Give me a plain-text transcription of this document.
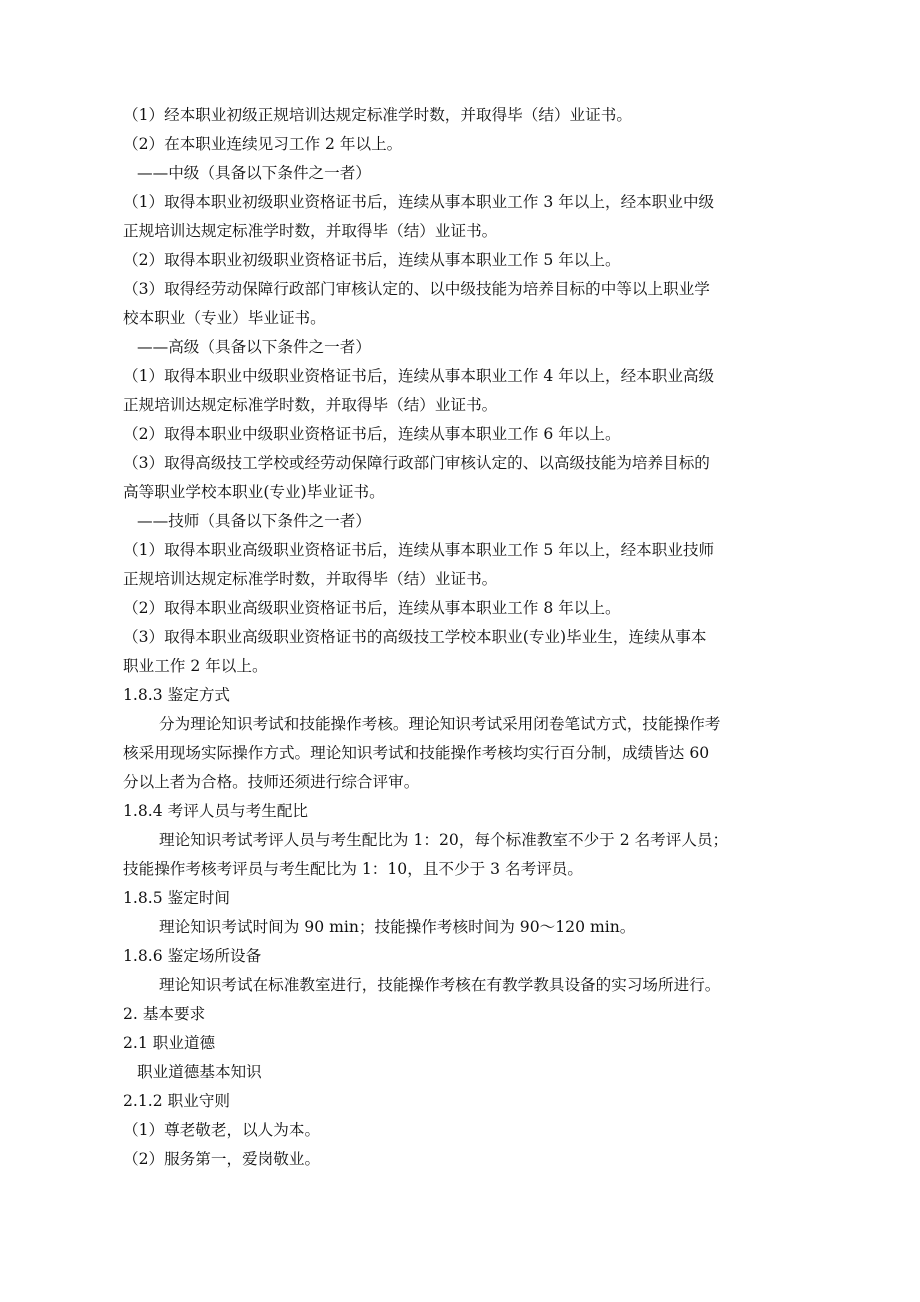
（1）经本职业初级正规培训达规定标准学时数，并取得毕（结）业证书。
（2）在本职业连续见习工作 2 年以上。
——中级（具备以下条件之一者）
（1）取得本职业初级职业资格证书后，连续从事本职业工作 3 年以上，经本职业中级
正规培训达规定标准学时数，并取得毕（结）业证书。
（2）取得本职业初级职业资格证书后，连续从事本职业工作 5 年以上。
（3）取得经劳动保障行政部门审核认定的、以中级技能为培养目标的中等以上职业学
校本职业（专业）毕业证书。
——高级（具备以下条件之一者）
（1）取得本职业中级职业资格证书后，连续从事本职业工作 4 年以上，经本职业高级
正规培训达规定标准学时数，并取得毕（结）业证书。
（2）取得本职业中级职业资格证书后，连续从事本职业工作 6 年以上。
（3）取得高级技工学校或经劳动保障行政部门审核认定的、以高级技能为培养目标的
高等职业学校本职业(专业)毕业证书。
——技师（具备以下条件之一者）
（1）取得本职业高级职业资格证书后，连续从事本职业工作 5 年以上，经本职业技师
正规培训达规定标准学时数，并取得毕（结）业证书。
（2）取得本职业高级职业资格证书后，连续从事本职业工作 8 年以上。
（3）取得本职业高级职业资格证书的高级技工学校本职业(专业)毕业生，连续从事本
职业工作 2 年以上。
1.8.3 鉴定方式
分为理论知识考试和技能操作考核。理论知识考试采用闭卷笔试方式，技能操作考
核采用现场实际操作方式。理论知识考试和技能操作考核均实行百分制，成绩皆达 60
分以上者为合格。技师还须进行综合评审。
1.8.4 考评人员与考生配比
理论知识考试考评人员与考生配比为 1：20，每个标准教室不少于 2 名考评人员；
技能操作考核考评员与考生配比为 1：10，且不少于 3 名考评员。
1.8.5 鉴定时间
理论知识考试时间为 90 min；技能操作考核时间为 90～120 min。
1.8.6 鉴定场所设备
理论知识考试在标准教室进行，技能操作考核在有教学教具设备的实习场所进行。
2. 基本要求
2.1 职业道德
职业道德基本知识
2.1.2 职业守则
（1）尊老敬老，以人为本。
（2）服务第一，爱岗敬业。
